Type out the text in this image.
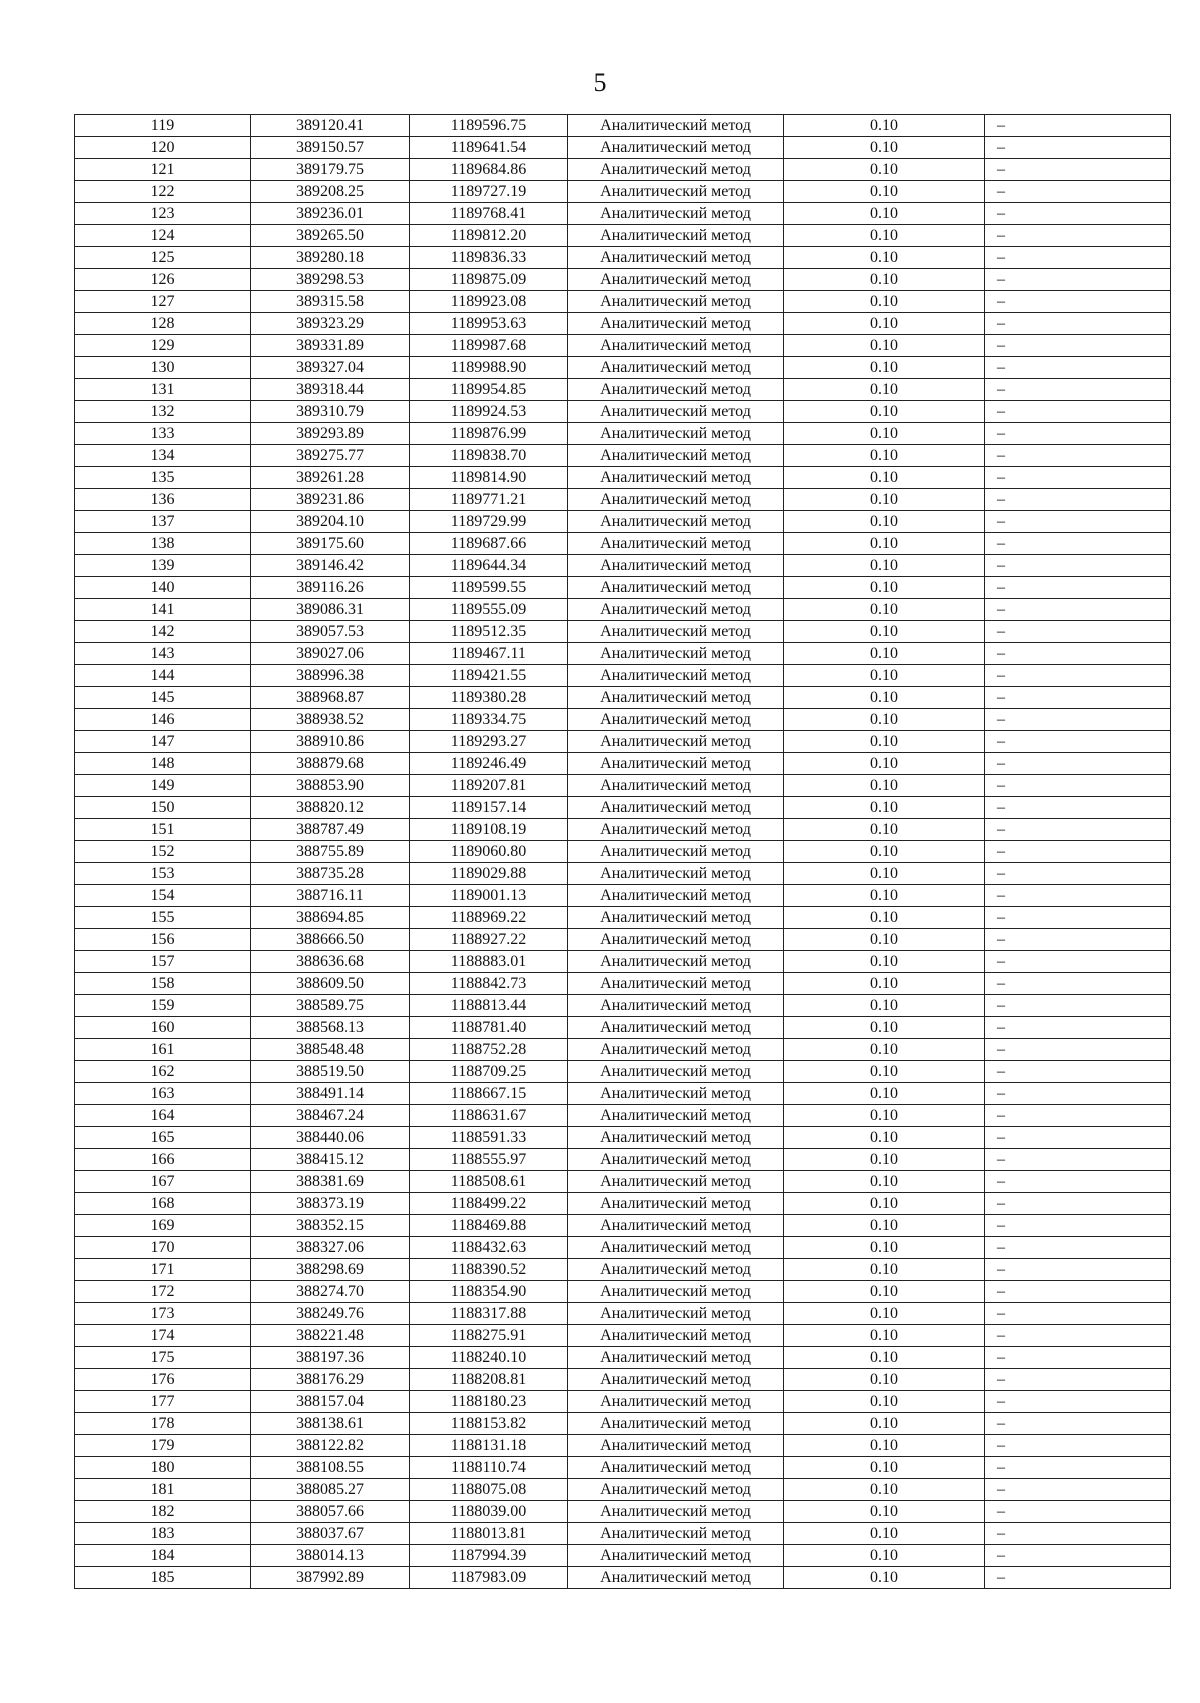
5
119	389120.41	1189596.75	Аналитический метод	0.10	–
120	389150.57	1189641.54	Аналитический метод	0.10	–
121	389179.75	1189684.86	Аналитический метод	0.10	–
122	389208.25	1189727.19	Аналитический метод	0.10	–
123	389236.01	1189768.41	Аналитический метод	0.10	–
124	389265.50	1189812.20	Аналитический метод	0.10	–
125	389280.18	1189836.33	Аналитический метод	0.10	–
126	389298.53	1189875.09	Аналитический метод	0.10	–
127	389315.58	1189923.08	Аналитический метод	0.10	–
128	389323.29	1189953.63	Аналитический метод	0.10	–
129	389331.89	1189987.68	Аналитический метод	0.10	–
130	389327.04	1189988.90	Аналитический метод	0.10	–
131	389318.44	1189954.85	Аналитический метод	0.10	–
132	389310.79	1189924.53	Аналитический метод	0.10	–
133	389293.89	1189876.99	Аналитический метод	0.10	–
134	389275.77	1189838.70	Аналитический метод	0.10	–
135	389261.28	1189814.90	Аналитический метод	0.10	–
136	389231.86	1189771.21	Аналитический метод	0.10	–
137	389204.10	1189729.99	Аналитический метод	0.10	–
138	389175.60	1189687.66	Аналитический метод	0.10	–
139	389146.42	1189644.34	Аналитический метод	0.10	–
140	389116.26	1189599.55	Аналитический метод	0.10	–
141	389086.31	1189555.09	Аналитический метод	0.10	–
142	389057.53	1189512.35	Аналитический метод	0.10	–
143	389027.06	1189467.11	Аналитический метод	0.10	–
144	388996.38	1189421.55	Аналитический метод	0.10	–
145	388968.87	1189380.28	Аналитический метод	0.10	–
146	388938.52	1189334.75	Аналитический метод	0.10	–
147	388910.86	1189293.27	Аналитический метод	0.10	–
148	388879.68	1189246.49	Аналитический метод	0.10	–
149	388853.90	1189207.81	Аналитический метод	0.10	–
150	388820.12	1189157.14	Аналитический метод	0.10	–
151	388787.49	1189108.19	Аналитический метод	0.10	–
152	388755.89	1189060.80	Аналитический метод	0.10	–
153	388735.28	1189029.88	Аналитический метод	0.10	–
154	388716.11	1189001.13	Аналитический метод	0.10	–
155	388694.85	1188969.22	Аналитический метод	0.10	–
156	388666.50	1188927.22	Аналитический метод	0.10	–
157	388636.68	1188883.01	Аналитический метод	0.10	–
158	388609.50	1188842.73	Аналитический метод	0.10	–
159	388589.75	1188813.44	Аналитический метод	0.10	–
160	388568.13	1188781.40	Аналитический метод	0.10	–
161	388548.48	1188752.28	Аналитический метод	0.10	–
162	388519.50	1188709.25	Аналитический метод	0.10	–
163	388491.14	1188667.15	Аналитический метод	0.10	–
164	388467.24	1188631.67	Аналитический метод	0.10	–
165	388440.06	1188591.33	Аналитический метод	0.10	–
166	388415.12	1188555.97	Аналитический метод	0.10	–
167	388381.69	1188508.61	Аналитический метод	0.10	–
168	388373.19	1188499.22	Аналитический метод	0.10	–
169	388352.15	1188469.88	Аналитический метод	0.10	–
170	388327.06	1188432.63	Аналитический метод	0.10	–
171	388298.69	1188390.52	Аналитический метод	0.10	–
172	388274.70	1188354.90	Аналитический метод	0.10	–
173	388249.76	1188317.88	Аналитический метод	0.10	–
174	388221.48	1188275.91	Аналитический метод	0.10	–
175	388197.36	1188240.10	Аналитический метод	0.10	–
176	388176.29	1188208.81	Аналитический метод	0.10	–
177	388157.04	1188180.23	Аналитический метод	0.10	–
178	388138.61	1188153.82	Аналитический метод	0.10	–
179	388122.82	1188131.18	Аналитический метод	0.10	–
180	388108.55	1188110.74	Аналитический метод	0.10	–
181	388085.27	1188075.08	Аналитический метод	0.10	–
182	388057.66	1188039.00	Аналитический метод	0.10	–
183	388037.67	1188013.81	Аналитический метод	0.10	–
184	388014.13	1187994.39	Аналитический метод	0.10	–
185	387992.89	1187983.09	Аналитический метод	0.10	–
